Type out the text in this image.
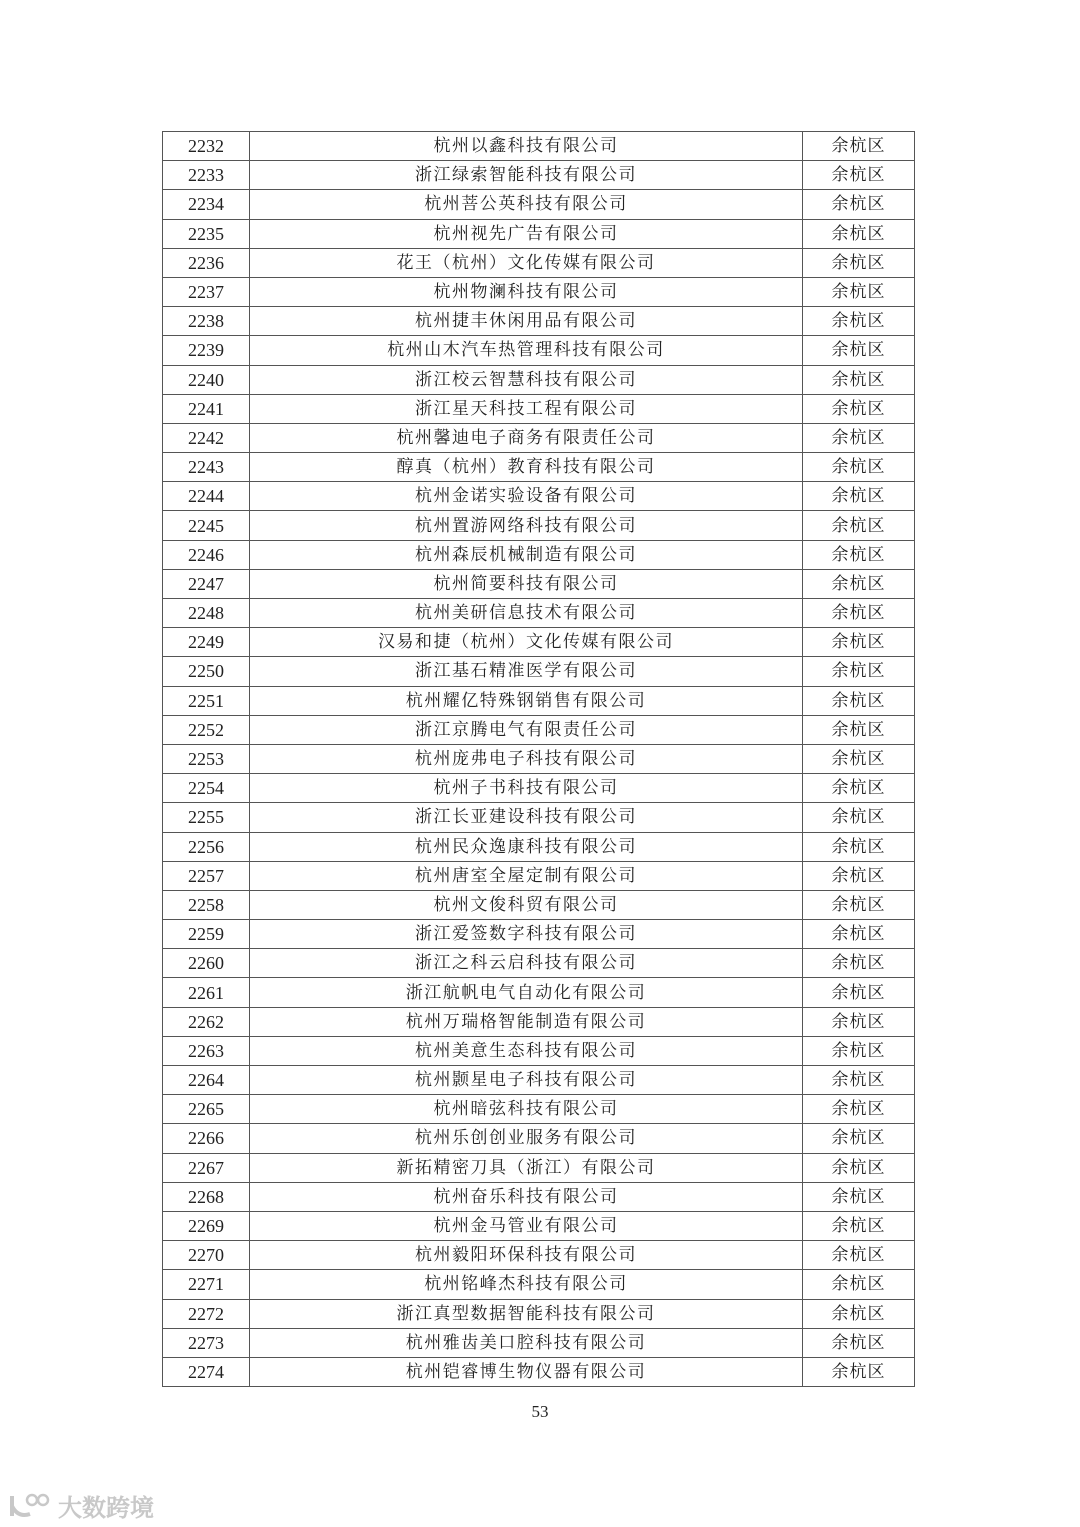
2232	杭州以鑫科技有限公司	余杭区
2233	浙江绿索智能科技有限公司	余杭区
2234	杭州菩公英科技有限公司	余杭区
2235	杭州视先广告有限公司	余杭区
2236	花王（杭州）文化传媒有限公司	余杭区
2237	杭州物澜科技有限公司	余杭区
2238	杭州捷丰休闲用品有限公司	余杭区
2239	杭州山木汽车热管理科技有限公司	余杭区
2240	浙江校云智慧科技有限公司	余杭区
2241	浙江星天科技工程有限公司	余杭区
2242	杭州馨迪电子商务有限责任公司	余杭区
2243	醇真（杭州）教育科技有限公司	余杭区
2244	杭州金诺实验设备有限公司	余杭区
2245	杭州置游网络科技有限公司	余杭区
2246	杭州森辰机械制造有限公司	余杭区
2247	杭州简要科技有限公司	余杭区
2248	杭州美研信息技术有限公司	余杭区
2249	汉易和捷（杭州）文化传媒有限公司	余杭区
2250	浙江基石精准医学有限公司	余杭区
2251	杭州耀亿特殊钢销售有限公司	余杭区
2252	浙江京腾电气有限责任公司	余杭区
2253	杭州庞弗电子科技有限公司	余杭区
2254	杭州子书科技有限公司	余杭区
2255	浙江长亚建设科技有限公司	余杭区
2256	杭州民众逸康科技有限公司	余杭区
2257	杭州唐室全屋定制有限公司	余杭区
2258	杭州文俊科贸有限公司	余杭区
2259	浙江爱签数字科技有限公司	余杭区
2260	浙江之科云启科技有限公司	余杭区
2261	浙江航帆电气自动化有限公司	余杭区
2262	杭州万瑞格智能制造有限公司	余杭区
2263	杭州美意生态科技有限公司	余杭区
2264	杭州颢星电子科技有限公司	余杭区
2265	杭州暗弦科技有限公司	余杭区
2266	杭州乐创创业服务有限公司	余杭区
2267	新拓精密刀具（浙江）有限公司	余杭区
2268	杭州奋乐科技有限公司	余杭区
2269	杭州金马管业有限公司	余杭区
2270	杭州毅阳环保科技有限公司	余杭区
2271	杭州铭峰杰科技有限公司	余杭区
2272	浙江真型数据智能科技有限公司	余杭区
2273	杭州雅齿美口腔科技有限公司	余杭区
2274	杭州铠睿博生物仪器有限公司	余杭区
53
大数跨境
